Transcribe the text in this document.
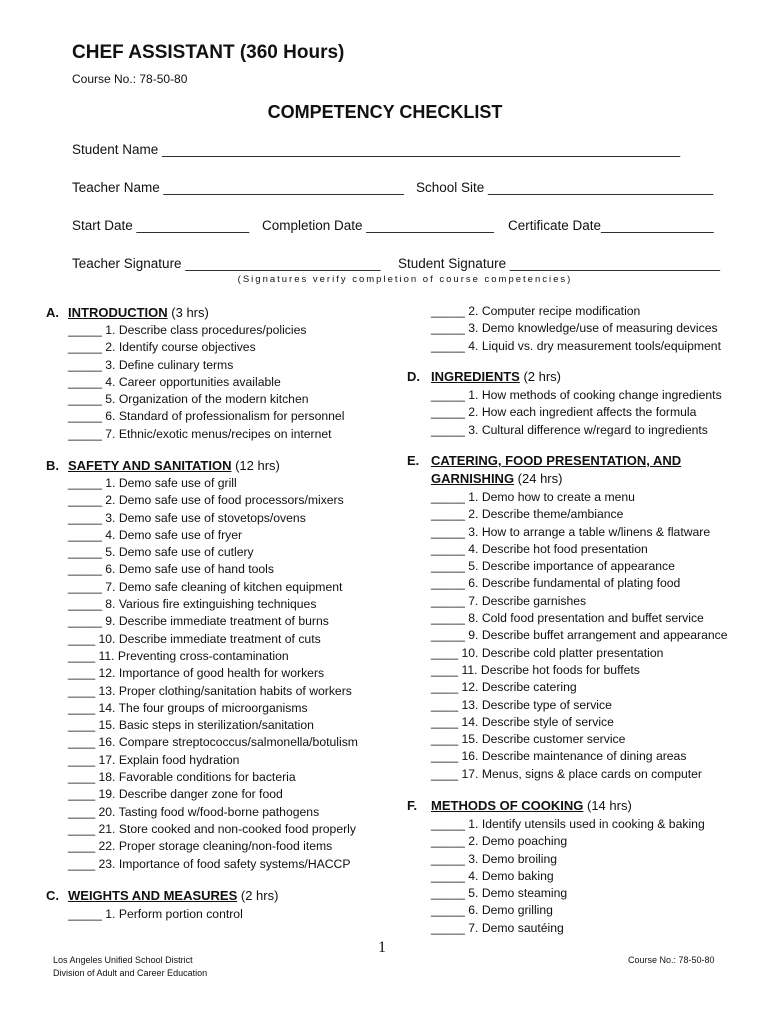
CHEF ASSISTANT (360 Hours)
Course No.: 78-50-80
COMPETENCY CHECKLIST
Student Name _____________________________________________________________________
Teacher Name ________________________________ School Site ______________________________
Start Date _______________ Completion Date _________________ Certificate Date_______________
Teacher Signature __________________________ Student Signature ____________________________
(Signatures verify completion of course competencies)
A. INTRODUCTION (3 hrs)
_____ 1. Describe class procedures/policies
_____ 2. Identify course objectives
_____ 3. Define culinary terms
_____ 4. Career opportunities available
_____ 5. Organization of the modern kitchen
_____ 6. Standard of professionalism for personnel
_____ 7. Ethnic/exotic menus/recipes on internet
B. SAFETY AND SANITATION (12 hrs)
_____ 1. Demo safe use of grill
_____ 2. Demo safe use of food processors/mixers
_____ 3. Demo safe use of stovetops/ovens
_____ 4. Demo safe use of fryer
_____ 5. Demo safe use of cutlery
_____ 6. Demo safe use of hand tools
_____ 7. Demo safe cleaning of kitchen equipment
_____ 8. Various fire extinguishing techniques
_____ 9. Describe immediate treatment of burns
____ 10. Describe immediate treatment of cuts
____ 11. Preventing cross-contamination
____ 12. Importance of good health for workers
____ 13. Proper clothing/sanitation habits of workers
____ 14. The four groups of microorganisms
____ 15. Basic steps in sterilization/sanitation
____ 16. Compare streptococcus/salmonella/botulism
____ 17. Explain food hydration
____ 18. Favorable conditions for bacteria
____ 19. Describe danger zone for food
____ 20. Tasting food w/food-borne pathogens
____ 21. Store cooked and non-cooked food properly
____ 22. Proper storage cleaning/non-food items
____ 23. Importance of food safety systems/HACCP
C. WEIGHTS AND MEASURES (2 hrs)
_____ 1. Perform portion control
_____ 2. Computer recipe modification
_____ 3. Demo knowledge/use of measuring devices
_____ 4. Liquid vs. dry measurement tools/equipment
D. INGREDIENTS (2 hrs)
_____ 1. How methods of cooking change ingredients
_____ 2. How each ingredient affects the formula
_____ 3. Cultural difference w/regard to ingredients
E. CATERING, FOOD PRESENTATION, AND
GARNISHING (24 hrs)
_____ 1. Demo how to create a menu
_____ 2. Describe theme/ambiance
_____ 3. How to arrange a table w/linens & flatware
_____ 4. Describe hot food presentation
_____ 5. Describe importance of appearance
_____ 6. Describe fundamental of plating food
_____ 7. Describe garnishes
_____ 8. Cold food presentation and buffet service
_____ 9. Describe buffet arrangement and appearance
____ 10. Describe cold platter presentation
____ 11. Describe hot foods for buffets
____ 12. Describe catering
____ 13. Describe type of service
____ 14. Describe style of service
____ 15. Describe customer service
____ 16. Describe maintenance of dining areas
____ 17. Menus, signs & place cards on computer
F. METHODS OF COOKING (14 hrs)
_____ 1. Identify utensils used in cooking & baking
_____ 2. Demo poaching
_____ 3. Demo broiling
_____ 4. Demo baking
_____ 5. Demo steaming
_____ 6. Demo grilling
_____ 7. Demo sautéing
1
Los Angeles Unified School District
Division of Adult and Career Education
Course No.: 78-50-80
